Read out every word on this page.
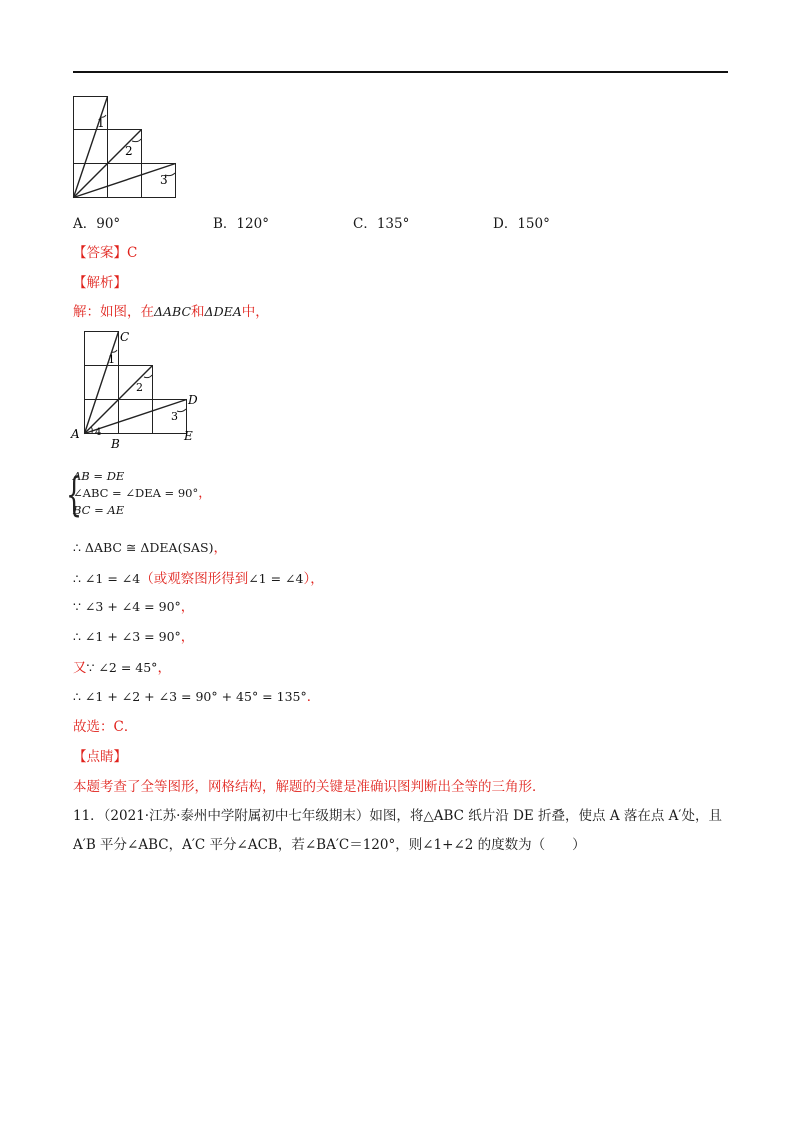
1
2
3
A．90°	B．120°	C．135°	D．150°
【答案】C
【解析】
解：如图，在ΔABC和ΔDEA中，
C
D
A
B
E
1
2
3
4
{
AB = DE
∠ABC = ∠DEA = 90°，
BC = AE
∴ ΔABC ≅ ΔDEA(SAS)，
∴ ∠1 = ∠4（或观察图形得到∠1 = ∠4），
∵ ∠3 + ∠4 = 90°，
∴ ∠1 + ∠3 = 90°，
又∵ ∠2 = 45°，
∴ ∠1 + ∠2 + ∠3 = 90° + 45° = 135°．
故选：C．
【点睛】
本题考查了全等图形，网格结构，解题的关键是准确识图判断出全等的三角形．
11．（2021·江苏·泰州中学附属初中七年级期末）如图，将△ABC 纸片沿 DE 折叠，使点 A 落在点 A′处，且
A′B 平分∠ABC，A′C 平分∠ACB，若∠BA′C＝120°，则∠1+∠2 的度数为（　　）
